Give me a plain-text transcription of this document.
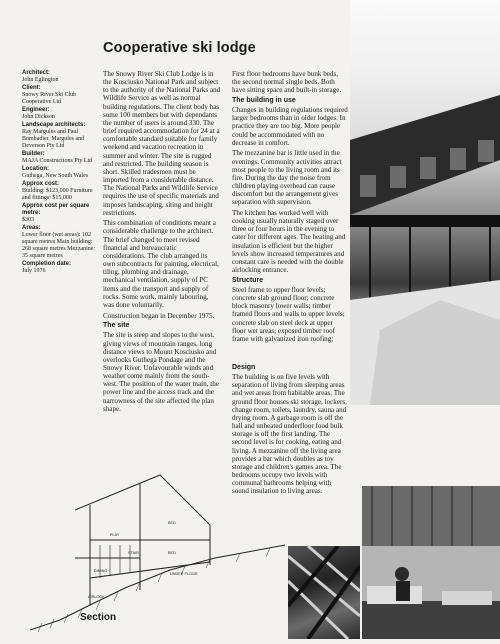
Cooperative ski lodge
Architect:
John Eglington
Client:
Snowy River Ski Club Cooperative Ltd
Engineer:
John Dickson
Landscape architects:
Ray Margules and Paul Bombadier, Margules and Deverson Pty Ltd
Builder:
MAJA Constructions Pty Ltd
Location:
Guthega, New South Wales
Approx cost:
Building: $123,000 Furniture and fittings: $15,000
Approx cost per square metre:
$303
Areas:
Lower floor (wet areas): 102 square metres Main building: 268 square metres Mezzanine: 35 square metres
Completion date:
July 1976

The Snowy River Ski Club Lodge is in the Kosciusko National Park and subject to the authority of the National Parks and Wildlife Service as well as normal building regulations. The client body has some 100 members but with dependants the number of users is around 330. The brief required accommodation for 24 at a comfortable standard suitable for family weekend and vacation recreation in summer and winter. The site is rugged and restricted. The building season is short. Skilled tradesmen must be imported from a considerable distance. The National Parks and Wildlife Service requires the use of specific materials and imposes landscaping, siting and height restrictions.

This combination of conditions meant a considerable challenge to the architect. The brief changed to meet revised financial and bureaucratic considerations. The club arranged its own subcontracts for painting, electrical, tiling, plumbing and drainage, mechanical ventilation, supply of PC items and the transport and supply of rocks. Some work, mainly labouring, was done voluntarily.

Construction began in December 1975.

The site

The site is steep and slopes to the west, giving views of mountain ranges, long distance views to Mount Kosciusko and overlooks Guthega Pondage and the Snowy River. Unfavourable winds and weather come mainly from the south-west. The position of the water main, the power line and the access track and the narrowness of the site affected the plan shape.

First floor bedrooms have bunk beds, the second normal single beds. Both have sitting space and built-in storage.

The building in use

Changes in building regulations required larger bedrooms than in older lodges. In practice they are too big. More people could be accommodated with no decrease in comfort.

The mezzanine bar is little used in the evenings. Community activities attract most people to the living room and its fire. During the day the noise from children playing overhead can cause discomfort but the arrangement gives separation with supervision.

The kitchen has worked well with cooking usually naturally staged over three or four hours in the evening to cater for different ages. The heating and insulation is efficient but the higher levels show increased temperatures and constant care is needed with the double airlocking entrance.

Structure

Steel frame to upper floor levels; concrete slab ground floor; concrete block masonry lower walls; timber framed floors and walls to upper levels; concrete slab on steel deck at upper floor wet areas; exposed timber roof frame with galvanized iron roofing;

Design

The building is on five levels with separation of living from sleeping areas and wet areas from habitable areas. The ground floor houses ski storage, lockers, change room, toilets, laundry, sauna and drying room. A garbage room is off the hall and unheated underfloor food bulk storage is off the first landing. The second level is for cooking, eating and living. A mezzanine off the living area provides a bar which doubles as toy storage and children's games area. The bedrooms occupy two levels with communal bathrooms helping with sound insulation to living areas.

BED
PLAY
STAIR	BED
DINING
UNDER FLOOR
AIRLOCK
Section
